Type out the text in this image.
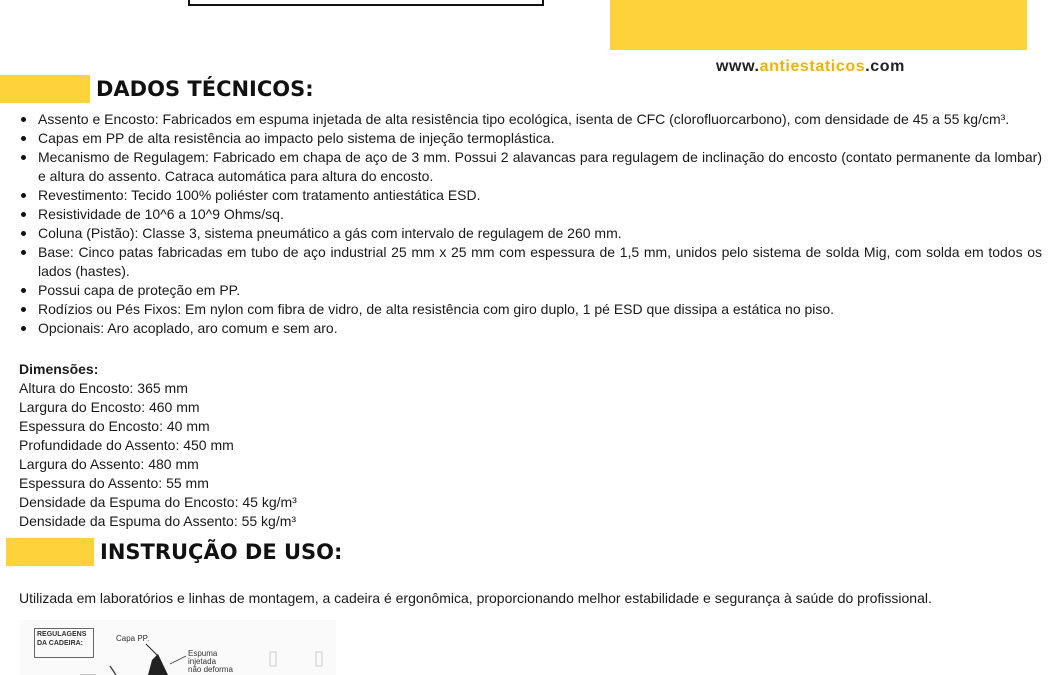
www.antiestaticos.com
DADOS TÉCNICOS:
Assento e Encosto: Fabricados em espuma injetada de alta resistência tipo ecológica, isenta de CFC (clorofluorcarbono), com densidade de 45 a 55 kg/cm³.
Capas em PP de alta resistência ao impacto pelo sistema de injeção termoplástica.
Mecanismo de Regulagem: Fabricado em chapa de aço de 3 mm. Possui 2 alavancas para regulagem de inclinação do encosto (contato permanente da lombar) e altura do assento. Catraca automática para altura do encosto.
Revestimento: Tecido 100% poliéster com tratamento antiestática ESD.
Resistividade de 10^6 a 10^9 Ohms/sq.
Coluna (Pistão): Classe 3, sistema pneumático a gás com intervalo de regulagem de 260 mm.
Base: Cinco patas fabricadas em tubo de aço industrial 25 mm x 25 mm com espessura de 1,5 mm, unidos pelo sistema de solda Mig, com solda em todos os lados (hastes).
Possui capa de proteção em PP.
Rodízios ou Pés Fixos: Em nylon com fibra de vidro, de alta resistência com giro duplo, 1 pé ESD que dissipa a estática no piso.
Opcionais: Aro acoplado, aro comum e sem aro.
Dimensões:
Altura do Encosto: 365 mm
Largura do Encosto: 460 mm
Espessura do Encosto: 40 mm
Profundidade do Assento: 450 mm
Largura do Assento: 480 mm
Espessura do Assento: 55 mm
Densidade da Espuma do Encosto: 45 kg/m³
Densidade da Espuma do Assento: 55 kg/m³
INSTRUÇÃO DE USO:
Utilizada em laboratórios e linhas de montagem, a cadeira é ergonômica, proporcionando melhor estabilidade e segurança à saúde do profissional.
REGULAGENS
DA CADEIRA:
Capa PP.
Espuma
injetada
não deforma
